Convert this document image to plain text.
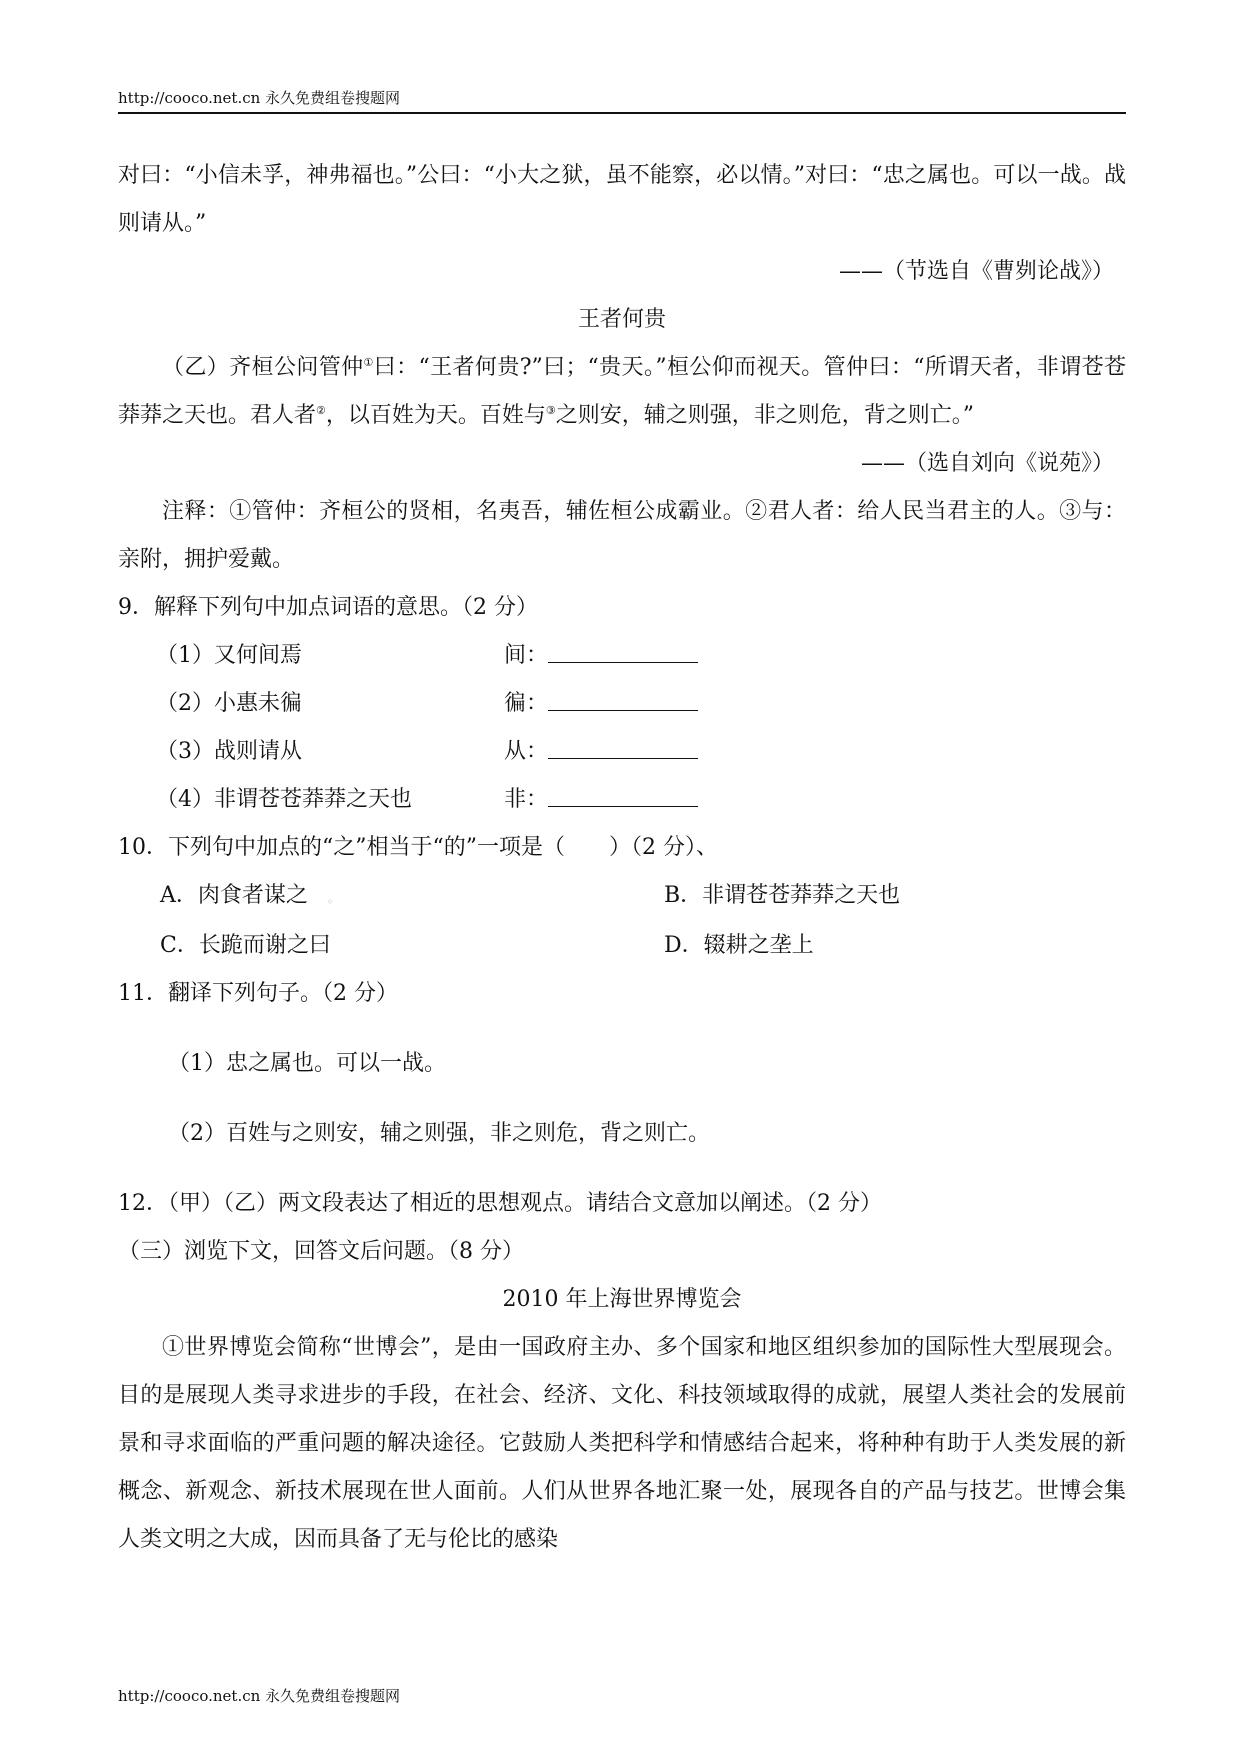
http://cooco.net.cn 永久免费组卷搜题网

对曰：“小信未孚，神弗福也。”公曰：“小大之狱，虽不能察，必以情。”对曰：“忠之属也。可以一战。战则请从。”

——（节选自《曹刿论战》）

王者何贵

（乙）齐桓公问管仲①曰：“王者何贵?”曰；“贵天。”桓公仰而视天。管仲曰：“所谓天者，非谓苍苍莽莽之天也。君人者②，以百姓为天。百姓与③之则安，辅之则强，非之则危，背之则亡。”

——（选自刘向《说苑》）

注释：①管仲：齐桓公的贤相，名夷吾，辅佐桓公成霸业。②君人者：给人民当君主的人。③与：亲附，拥护爱戴。

9．解释下列句中加点词语的意思。（2 分）

（1）又何间焉	间：
（2）小惠未徧	徧：
（3）战则请从	从：
（4）非谓苍苍莽莽之天也	非：

10．下列句中加点的“之”相当于“的”一项是（　　）（2 分）、

A．肉食者谋之 。	B．非谓苍苍莽莽之天也
C．长跪而谢之曰	D．辍耕之垄上

11．翻译下列句子。（2 分）

（1）忠之属也。可以一战。

（2）百姓与之则安，辅之则强，非之则危，背之则亡。

12．（甲）（乙）两文段表达了相近的思想观点。请结合文意加以阐述。（2 分）

（三）浏览下文，回答文后问题。（8 分）

2010 年上海世界博览会

①世界博览会简称“世博会”，是由一国政府主办、多个国家和地区组织参加的国际性大型展现会。目的是展现人类寻求进步的手段，在社会、经济、文化、科技领域取得的成就，展望人类社会的发展前景和寻求面临的严重问题的解决途径。它鼓励人类把科学和情感结合起来，将种种有助于人类发展的新概念、新观念、新技术展现在世人面前。人们从世界各地汇聚一处，展现各自的产品与技艺。世博会集人类文明之大成，因而具备了无与伦比的感染

http://cooco.net.cn 永久免费组卷搜题网
